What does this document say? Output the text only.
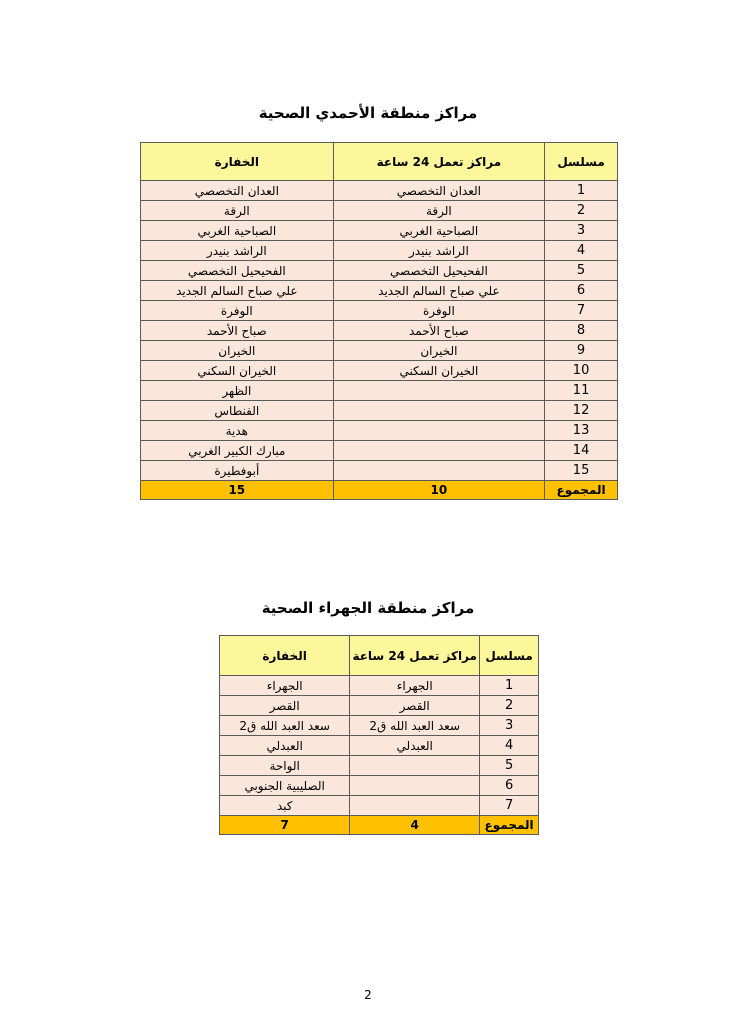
مراكز منطقة الأحمدي الصحية
مسلسل	مراكز تعمل 24 ساعة	الخفارة
1	العدان التخصصي	العدان التخصصي
2	الرقة	الرقة
3	الصباحية الغربي	الصباحية الغربي
4	الراشد بنيدر	الراشد بنيدر
5	الفحيحيل التخصصي	الفحيحيل التخصصي
6	علي صباح السالم الجديد	علي صباح السالم الجديد
7	الوفرة	الوفرة
8	صباح الأحمد	صباح الأحمد
9	الخيران	الخيران
10	الخيران السكني	الخيران السكني
11		الظهر
12		الفنطاس
13		هدية
14		مبارك الكبير الغربي
15		أبوفطيرة
المجموع	10	15
مراكز منطقة الجهراء الصحية
مسلسل	مراكز تعمل 24 ساعة	الخفارة
1	الجهراء	الجهراء
2	القصر	القصر
3	سعد العبد الله ق2	سعد العبد الله ق2
4	العبدلي	العبدلي
5		الواحة
6		الصليبية الجنوبي
7		كبد
المجموع	4	7
2
